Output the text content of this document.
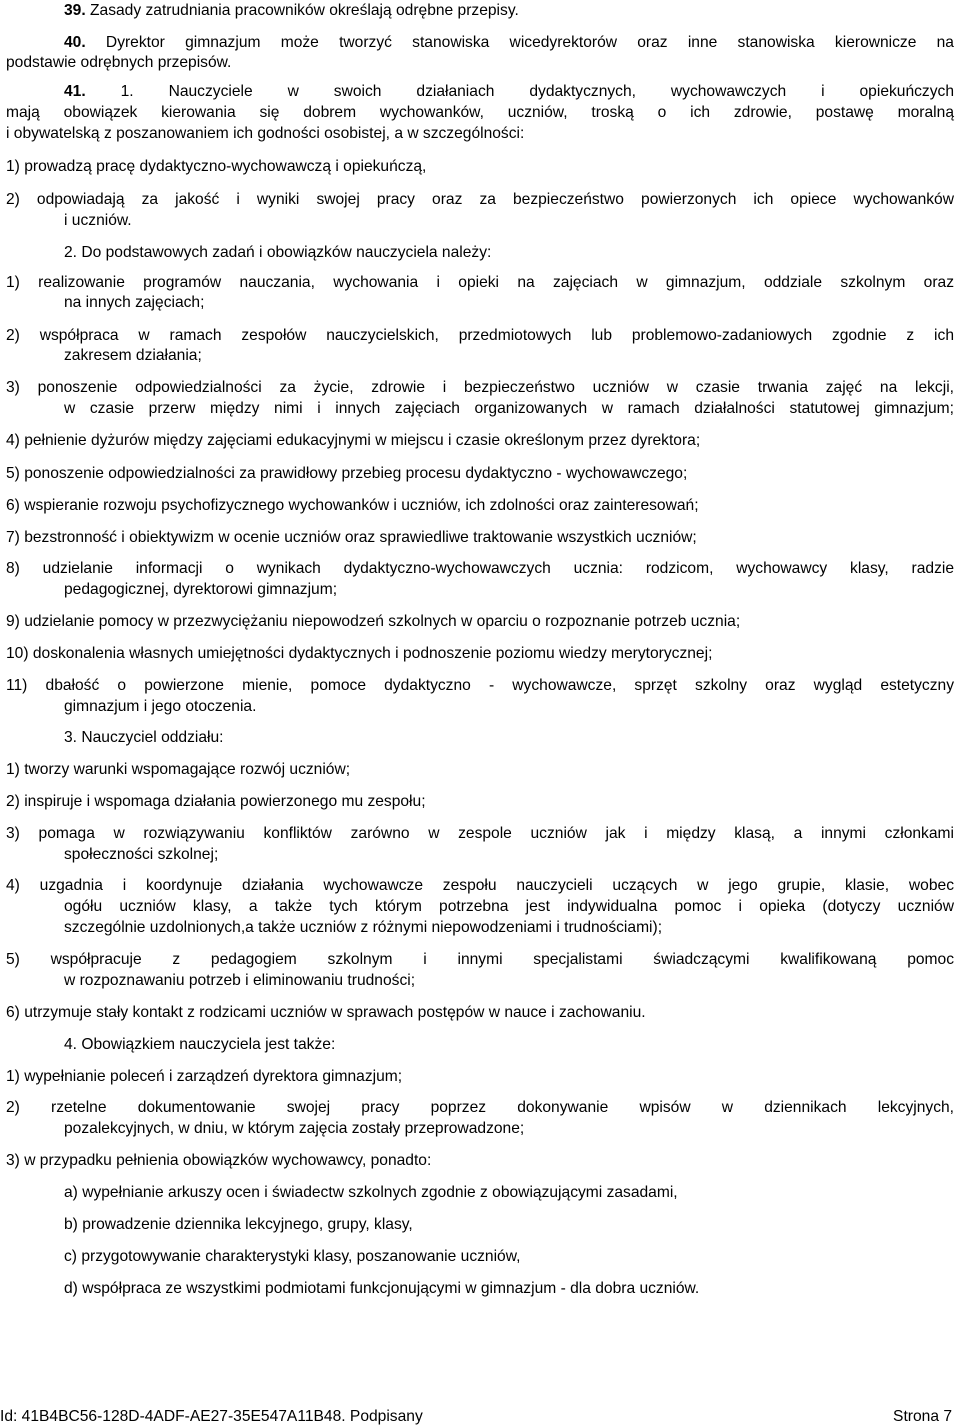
39. Zasady zatrudniania pracowników określają odrębne przepisy.
40. Dyrektor gimnazjum może tworzyć stanowiska wicedyrektorów oraz inne stanowiska kierownicze na
podstawie odrębnych przepisów.
41. 1. Nauczyciele w swoich działaniach dydaktycznych, wychowawczych i opiekuńczych
mają obowiązek kierowania się dobrem wychowanków, uczniów, troską o ich zdrowie, postawę moralną
i obywatelską z poszanowaniem ich godności osobistej, a w szczególności:
1) prowadzą pracę dydaktyczno-wychowawczą i opiekuńczą,
2) odpowiadają za jakość i wyniki swojej pracy oraz za bezpieczeństwo powierzonych ich opiece wychowanków
i uczniów.
2. Do podstawowych zadań i obowiązków nauczyciela należy:
1) realizowanie programów nauczania, wychowania i opieki na zajęciach w gimnazjum, oddziale szkolnym oraz
na innych zajęciach;
2) współpraca w ramach zespołów nauczycielskich, przedmiotowych lub problemowo-zadaniowych zgodnie z ich
zakresem działania;
3) ponoszenie odpowiedzialności za życie, zdrowie i bezpieczeństwo uczniów w czasie trwania zajęć na lekcji,
w czasie przerw między nimi i innych zajęciach organizowanych w ramach działalności statutowej gimnazjum;
4) pełnienie dyżurów między zajęciami edukacyjnymi w miejscu i czasie określonym przez dyrektora;
5) ponoszenie odpowiedzialności za prawidłowy przebieg procesu dydaktyczno - wychowawczego;
6) wspieranie rozwoju psychofizycznego wychowanków i uczniów, ich zdolności oraz zainteresowań;
7) bezstronność i obiektywizm w ocenie uczniów oraz sprawiedliwe traktowanie wszystkich uczniów;
8) udzielanie informacji o wynikach dydaktyczno-wychowawczych ucznia: rodzicom, wychowawcy klasy, radzie
pedagogicznej, dyrektorowi gimnazjum;
9) udzielanie pomocy w przezwyciężaniu niepowodzeń szkolnych w oparciu o rozpoznanie potrzeb ucznia;
10) doskonalenia własnych umiejętności dydaktycznych i podnoszenie poziomu wiedzy merytorycznej;
11) dbałość o powierzone mienie, pomoce dydaktyczno - wychowawcze, sprzęt szkolny oraz wygląd estetyczny
gimnazjum i jego otoczenia.
3. Nauczyciel oddziału:
1) tworzy warunki wspomagające rozwój uczniów;
2) inspiruje i wspomaga działania powierzonego mu zespołu;
3) pomaga w rozwiązywaniu konfliktów zarówno w zespole uczniów jak i między klasą, a innymi członkami
społeczności szkolnej;
4) uzgadnia i koordynuje działania wychowawcze zespołu nauczycieli uczących w jego grupie, klasie, wobec
ogółu uczniów klasy, a także tych którym potrzebna jest indywidualna pomoc i opieka (dotyczy uczniów
szczególnie uzdolnionych,a także uczniów z różnymi niepowodzeniami i trudnościami);
5) współpracuje z pedagogiem szkolnym i innymi specjalistami świadczącymi kwalifikowaną pomoc
w rozpoznawaniu potrzeb i eliminowaniu trudności;
6) utrzymuje stały kontakt z rodzicami uczniów w sprawach postępów w nauce i zachowaniu.
4. Obowiązkiem nauczyciela jest także:
1) wypełnianie poleceń i zarządzeń dyrektora gimnazjum;
2) rzetelne dokumentowanie swojej pracy poprzez dokonywanie wpisów w dziennikach lekcyjnych,
pozalekcyjnych, w dniu, w którym zajęcia zostały przeprowadzone;
3) w przypadku pełnienia obowiązków wychowawcy, ponadto:
a) wypełnianie arkuszy ocen i świadectw szkolnych zgodnie z obowiązującymi zasadami,
b) prowadzenie dziennika lekcyjnego, grupy, klasy,
c) przygotowywanie charakterystyki klasy, poszanowanie uczniów,
d) współpraca ze wszystkimi podmiotami funkcjonującymi w gimnazjum - dla dobra uczniów.
Id: 41B4BC56-128D-4ADF-AE27-35E547A11B48. Podpisany	Strona 7
